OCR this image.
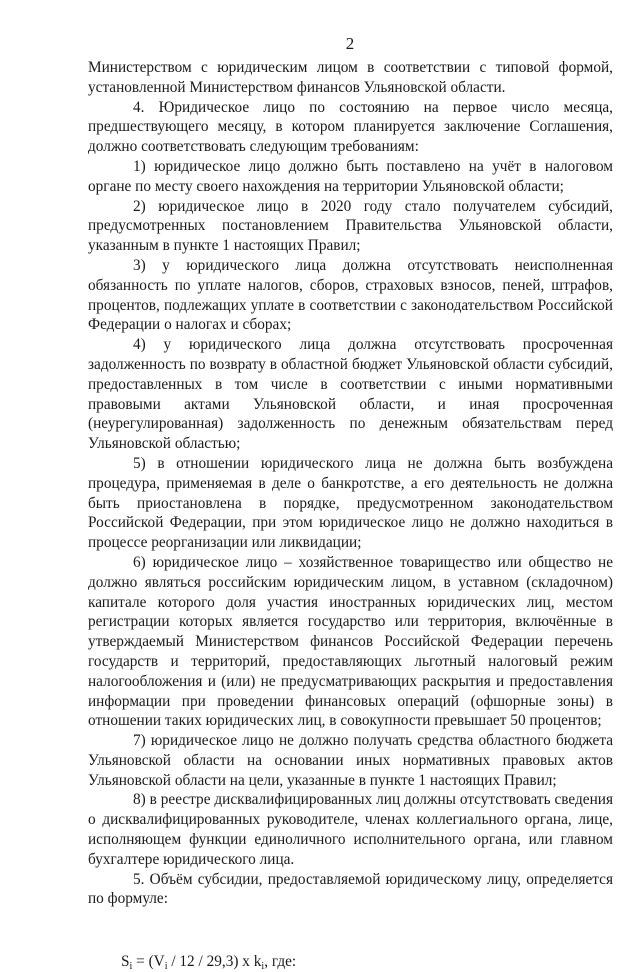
2

Министерством с юридическим лицом в соответствии с типовой формой, установленной Министерством финансов Ульяновской области.

4. Юридическое лицо по состоянию на первое число месяца, предшествующего месяцу, в котором планируется заключение Соглашения, должно соответствовать следующим требованиям:

1) юридическое лицо должно быть поставлено на учёт в налоговом органе по месту своего нахождения на территории Ульяновской области;

2) юридическое лицо в 2020 году стало получателем субсидий, предусмотренных постановлением Правительства Ульяновской области, указанным в пункте 1 настоящих Правил;

3) у юридического лица должна отсутствовать неисполненная обязанность по уплате налогов, сборов, страховых взносов, пеней, штрафов, процентов, подлежащих уплате в соответствии с законодательством Российской Федерации о налогах и сборах;

4) у юридического лица должна отсутствовать просроченная задолженность по возврату в областной бюджет Ульяновской области субсидий, предоставленных в том числе в соответствии с иными нормативными правовыми актами Ульяновской области, и иная просроченная (неурегулированная) задолженность по денежным обязательствам перед Ульяновской областью;

5) в отношении юридического лица не должна быть возбуждена процедура, применяемая в деле о банкротстве, а его деятельность не должна быть приостановлена в порядке, предусмотренном законодательством Российской Федерации, при этом юридическое лицо не должно находиться в процессе реорганизации или ликвидации;

6) юридическое лицо – хозяйственное товарищество или общество не должно являться российским юридическим лицом, в уставном (складочном) капитале которого доля участия иностранных юридических лиц, местом регистрации которых является государство или территория, включённые в утверждаемый Министерством финансов Российской Федерации перечень государств и территорий, предоставляющих льготный налоговый режим налогообложения и (или) не предусматривающих раскрытия и предоставления информации при проведении финансовых операций (офшорные зоны) в отношении таких юридических лиц, в совокупности превышает 50 процентов;

7) юридическое лицо не должно получать средства областного бюджета Ульяновской области на основании иных нормативных правовых актов Ульяновской области на цели, указанные в пункте 1 настоящих Правил;

8) в реестре дисквалифицированных лиц должны отсутствовать сведения о дисквалифицированных руководителе, членах коллегиального органа, лице, исполняющем функции единоличного исполнительного органа, или главном бухгалтере юридического лица.

5. Объём субсидии, предоставляемой юридическому лицу, определяется по формуле:

$S_i = (V_i / 12 / 29,3)$ x $k_i$, где:
